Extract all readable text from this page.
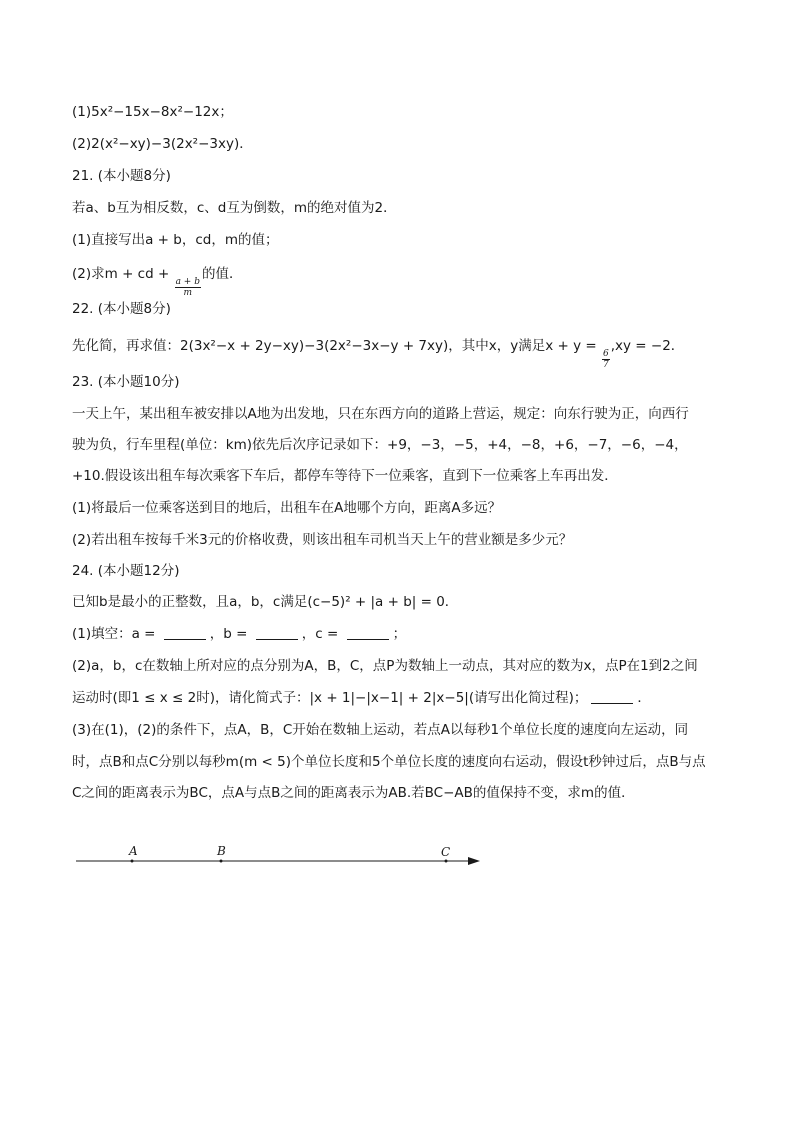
(1)5x²−15x−8x²−12x；
(2)2(x²−xy)−3(2x²−3xy)．
21. (本小题8分)
若a、b互为相反数，c、d互为倒数，m的绝对值为2．
(1)直接写出a + b，cd，m的值；
(2)求m + cd +
$\frac{a + b}{m}$
的值．
22. (本小题8分)
先化简，再求值：2(3x²−x + 2y−xy)−3(2x²−3x−y + 7xy)，其中x，y满足x + y =
$\frac{6}{7}$
,xy = −2．
23. (本小题10分)
一天上午，某出租车被安排以A地为出发地，只在东西方向的道路上营运，规定：向东行驶为正，向西行
驶为负，行车里程(单位：km)依先后次序记录如下：+9，−3，−5，+4，−8，+6，−7，−6，−4，
+10.假设该出租车每次乘客下车后，都停车等待下一位乘客，直到下一位乘客上车再出发．
(1)将最后一位乘客送到目的地后，出租车在A地哪个方向，距离A多远？
(2)若出租车按每千米3元的价格收费，则该出租车司机当天上午的营业额是多少元？
24. (本小题12分)
已知b是最小的正整数，且a，b，c满足(c−5)² + |a + b| = 0．
(1)填空：a =	，b =	，c =	；
(2)a，b，c在数轴上所对应的点分别为A，B，C，点P为数轴上一动点，其对应的数为x，点P在1到2之间
运动时(即1 ≤ x ≤ 2时)，请化简式子：|x + 1|−|x−1| + 2|x−5|(请写出化简过程)；	．
(3)在(1)，(2)的条件下，点A，B，C开始在数轴上运动，若点A以每秒1个单位长度的速度向左运动，同
时，点B和点C分别以每秒m(m < 5)个单位长度和5个单位长度的速度向右运动，假设t秒钟过后，点B与点
C之间的距离表示为BC，点A与点B之间的距离表示为AB.若BC−AB的值保持不变，求m的值．
A	B	C
